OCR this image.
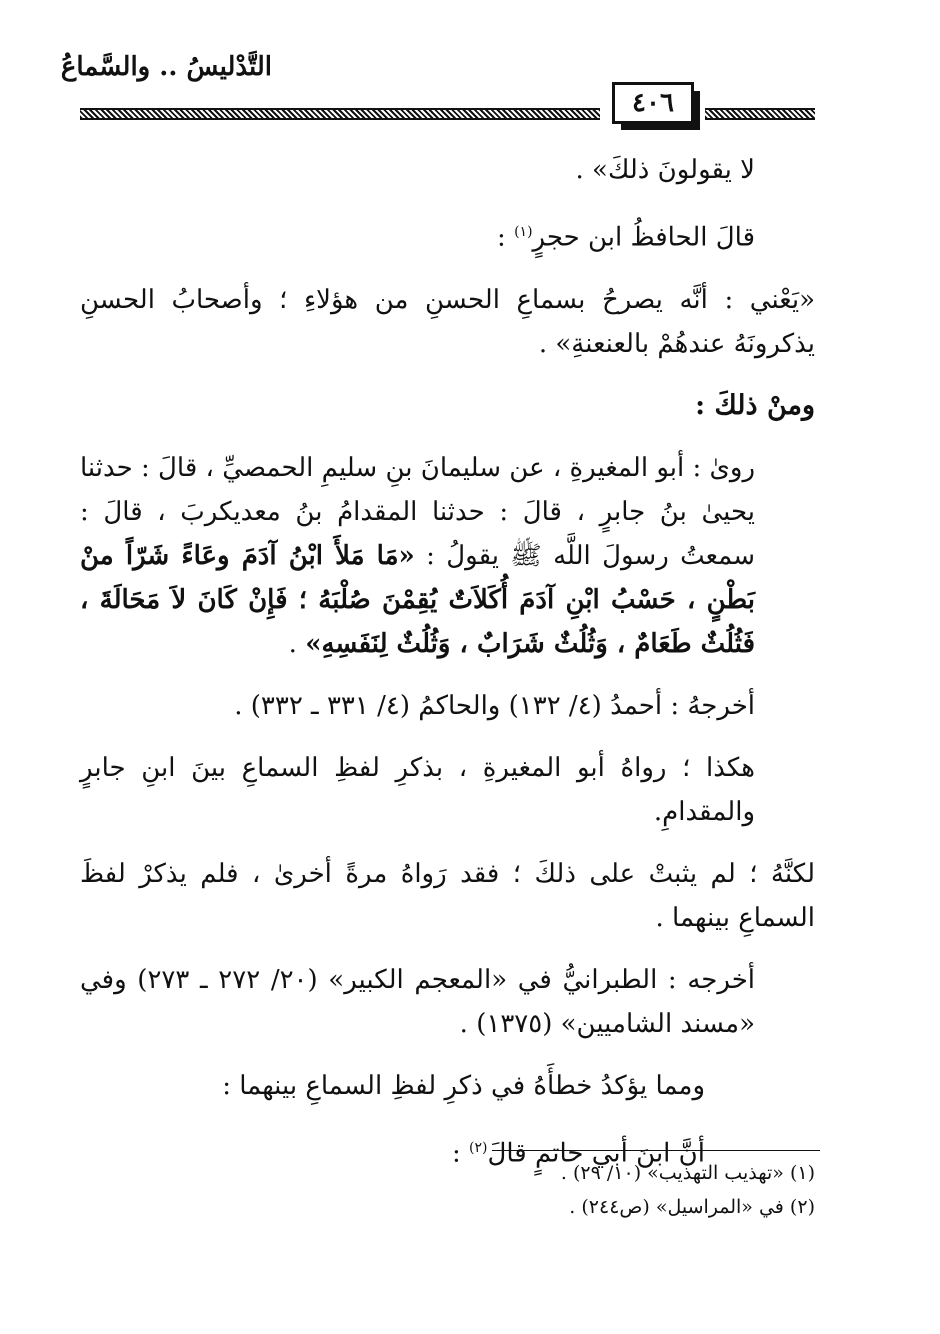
التَّدْليسُ .. والسَّماعُ
٤٠٦

لا يقولونَ ذلكَ» .

قالَ الحافظُ ابن حجرٍ$^{(١)}$ :

«يَعْني : أنَّه يصرحُ بسماعِ الحسنِ من هؤلاءِ ؛ وأصحابُ الحسنِ يذكرونَهُ عندهُمْ بالعنعنةِ» .

ومنْ ذلكَ :

روىٰ : أبو المغيرةِ ، عن سليمانَ بنِ سليمِ الحمصيِّ ، قالَ : حدثنا يحيىٰ بنُ جابرٍ ، قالَ : حدثنا المقدامُ بنُ معديكربَ ، قالَ : سمعتُ رسولَ اللَّه ﷺ يقولُ : «مَا مَلأَ ابْنُ آدَمَ وعَاءً شَرّاً منْ بَطْنٍ ، حَسْبُ ابْنِ آدَمَ أُكَلاَتٌ يُقِمْنَ صُلْبَهُ ؛ فَإِنْ كَانَ لاَ مَحَالَةَ ، فَثُلُثٌ طَعَامٌ ، وَثُلُثٌ شَرَابٌ ، وَثُلُثٌ لِنَفَسِهِ» .

أخرجهُ : أحمدُ (٤/ ١٣٢) والحاكمُ (٤/ ٣٣١ ـ ٣٣٢) .

هكذا ؛ رواهُ أبو المغيرةِ ، بذكرِ لفظِ السماعِ بينَ ابنِ جابرٍ والمقدامِ.

لكنَّهُ ؛ لم يثبتْ على ذلكَ ؛ فقد رَواهُ مرةً أخرىٰ ، فلم يذكرْ لفظَ السماعِ بينهما .

أخرجه : الطبرانيُّ في «المعجم الكبير» (٢٠/ ٢٧٢ ـ ٢٧٣) وفي «مسند الشاميين» (١٣٧٥) .

ومما يؤكدُ خطأَهُ في ذكرِ لفظِ السماعِ بينهما :

أنَّ ابنَ أبي حاتمٍ قالَ$^{(٢)}$ :

(١) «تهذيب التهذيب» (١٠/ ٢٩) .
(٢) في «المراسيل» (ص٢٤٤) .
